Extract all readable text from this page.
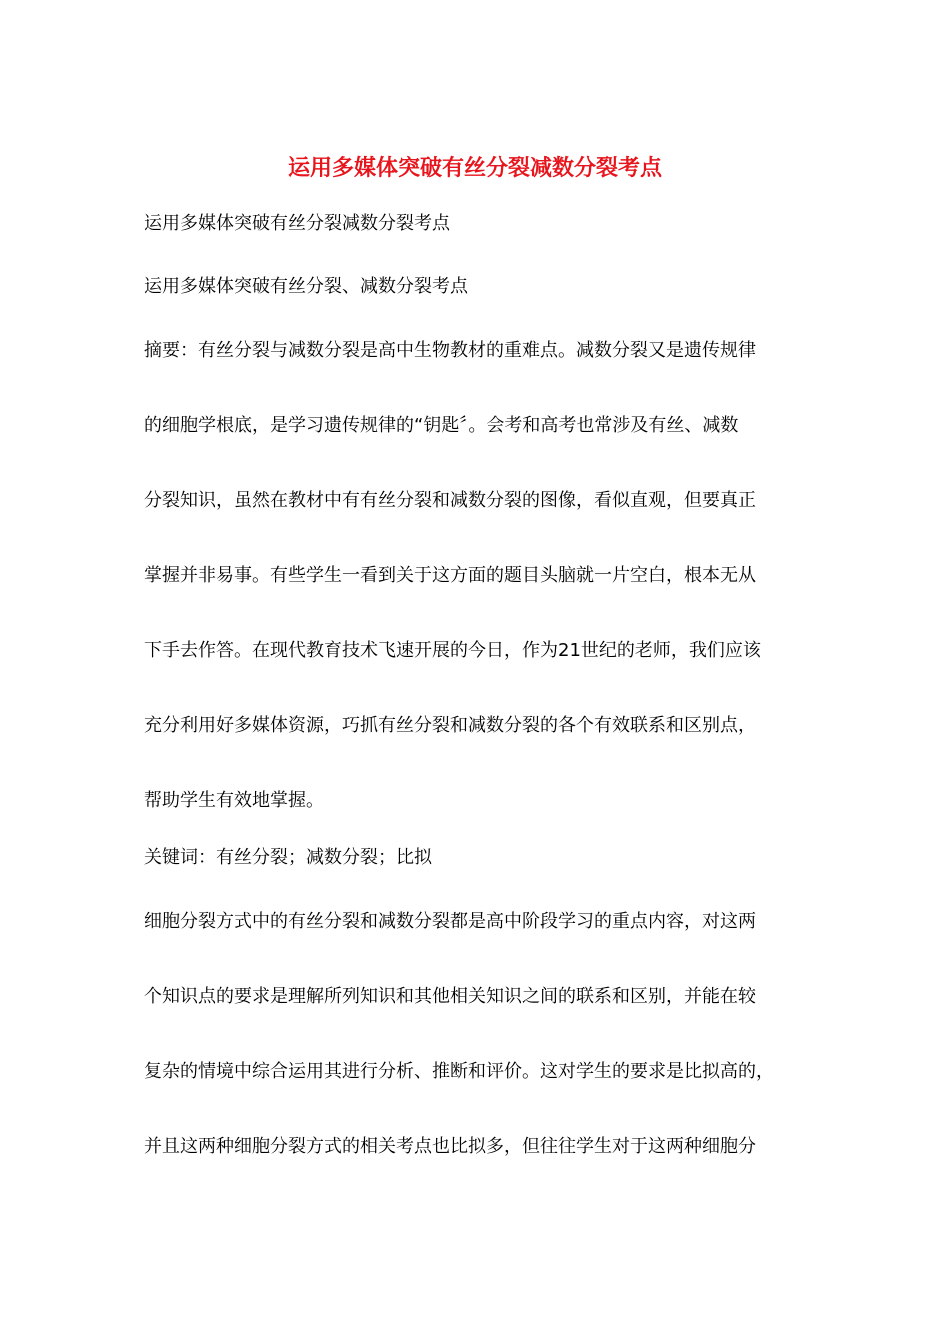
运用多媒体突破有丝分裂减数分裂考点

运用多媒体突破有丝分裂减数分裂考点

运用多媒体突破有丝分裂、减数分裂考点

摘要：有丝分裂与减数分裂是高中生物教材的重难点。减数分裂又是遗传规律
的细胞学根底，是学习遗传规律的“钥匙〞。会考和高考也常涉及有丝、减数
分裂知识，虽然在教材中有有丝分裂和减数分裂的图像，看似直观，但要真正
掌握并非易事。有些学生一看到关于这方面的题目头脑就一片空白，根本无从
下手去作答。在现代教育技术飞速开展的今日，作为21世纪的老师，我们应该
充分利用好多媒体资源，巧抓有丝分裂和减数分裂的各个有效联系和区别点，
帮助学生有效地掌握。

关键词：有丝分裂；减数分裂；比拟

细胞分裂方式中的有丝分裂和减数分裂都是高中阶段学习的重点内容，对这两
个知识点的要求是理解所列知识和其他相关知识之间的联系和区别，并能在较
复杂的情境中综合运用其进行分析、推断和评价。这对学生的要求是比拟高的，
并且这两种细胞分裂方式的相关考点也比拟多，但往往学生对于这两种细胞分
